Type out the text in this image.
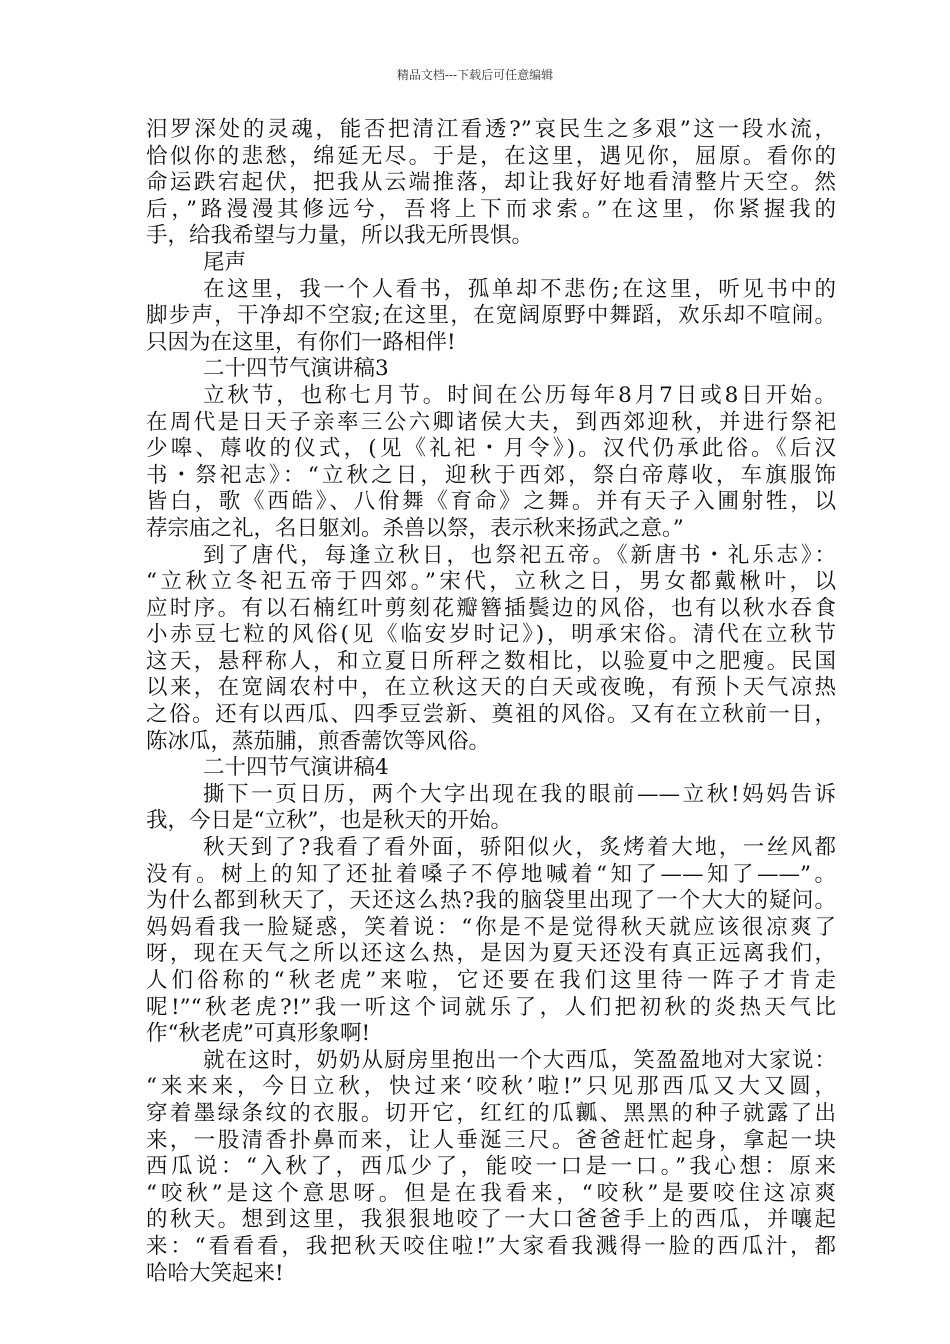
精品文档---下载后可任意编辑
汨罗深处的灵魂，能否把清江看透?”哀民生之多艰”这一段水流，
恰似你的悲愁，绵延无尽。于是，在这里，遇见你，屈原。看你的
命运跌宕起伏，把我从云端推落，却让我好好地看清整片天空。然
后，”路漫漫其修远兮，吾将上下而求索。”在这里，你紧握我的
手，给我希望与力量，所以我无所畏惧。
尾声
在这里，我一个人看书，孤单却不悲伤;在这里，听见书中的
脚步声，干净却不空寂;在这里，在宽阔原野中舞蹈，欢乐却不喧闹。
只因为在这里，有你们一路相伴!
二十四节气演讲稿3
立秋节，也称七月节。时间在公历每年8月7日或8日开始。
在周代是日天子亲率三公六卿诸侯大夫，到西郊迎秋，并进行祭祀
少嗥、蓐收的仪式，(见《礼祀・月令》)。汉代仍承此俗。《后汉
书・祭祀志》：“立秋之日，迎秋于西郊，祭白帝蓐收，车旗服饰
皆白，歌《西皓》、八佾舞《育命》之舞。并有天子入圃射牲，以
荐宗庙之礼，名日躯刘。杀兽以祭，表示秋来扬武之意。”
到了唐代，每逢立秋日，也祭祀五帝。《新唐书・礼乐志》：
“立秋立冬祀五帝于四郊。”宋代，立秋之日，男女都戴楸叶，以
应时序。有以石楠红叶剪刻花瓣簪插鬓边的风俗，也有以秋水吞食
小赤豆七粒的风俗(见《临安岁时记》)，明承宋俗。清代在立秋节
这天，悬秤称人，和立夏日所秤之数相比，以验夏中之肥瘦。民国
以来，在宽阔农村中，在立秋这天的白天或夜晚，有预卜天气凉热
之俗。还有以西瓜、四季豆尝新、奠祖的风俗。又有在立秋前一日，
陈冰瓜，蒸茄脯，煎香薷饮等风俗。
二十四节气演讲稿4
撕下一页日历，两个大字出现在我的眼前——立秋!妈妈告诉
我，今日是“立秋”，也是秋天的开始。
秋天到了?我看了看外面，骄阳似火，炙烤着大地，一丝风都
没有。树上的知了还扯着嗓子不停地喊着“知了——知了——”。
为什么都到秋天了，天还这么热?我的脑袋里出现了一个大大的疑问。
妈妈看我一脸疑惑，笑着说：“你是不是觉得秋天就应该很凉爽了
呀，现在天气之所以还这么热，是因为夏天还没有真正远离我们，
人们俗称的“秋老虎”来啦，它还要在我们这里待一阵子才肯走
呢!”“秋老虎?!”我一听这个词就乐了，人们把初秋的炎热天气比
作“秋老虎”可真形象啊!
就在这时，奶奶从厨房里抱出一个大西瓜，笑盈盈地对大家说：
“来来来，今日立秋，快过来‘咬秋’啦!”只见那西瓜又大又圆，
穿着墨绿条纹的衣服。切开它，红红的瓜瓤、黑黑的种子就露了出
来，一股清香扑鼻而来，让人垂涎三尺。爸爸赶忙起身，拿起一块
西瓜说：“入秋了，西瓜少了，能咬一口是一口。”我心想：原来
“咬秋”是这个意思呀。但是在我看来，“咬秋”是要咬住这凉爽
的秋天。想到这里，我狠狠地咬了一大口爸爸手上的西瓜，并嚷起
来：“看看看，我把秋天咬住啦!”大家看我溅得一脸的西瓜汁，都
哈哈大笑起来!
